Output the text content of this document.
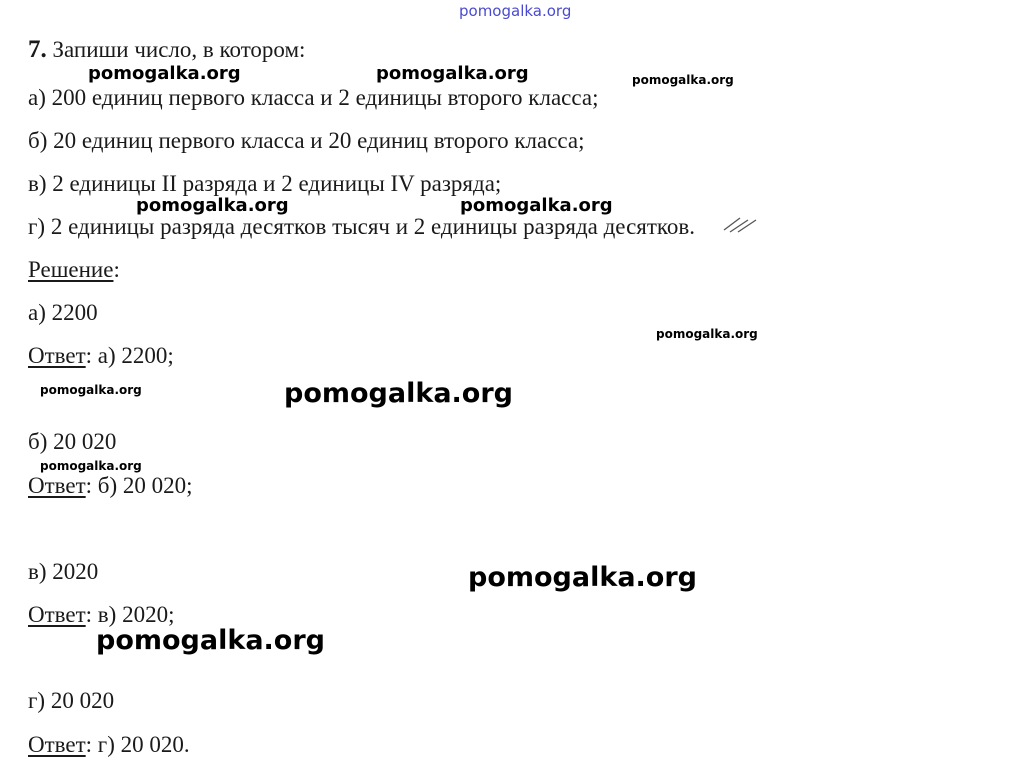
pomogalka.org
pomogalka.org	pomogalka.org	pomogalka.org
pomogalka.org	pomogalka.org
pomogalka.org
pomogalka.org	pomogalka.org
pomogalka.org
pomogalka.org
pomogalka.org
7. Запиши число, в котором:
а) 200 единиц первого класса и 2 единицы второго класса;
б) 20 единиц первого класса и 20 единиц второго класса;
в) 2 единицы II разряда и 2 единицы IV разряда;
г) 2 единицы разряда десятков тысяч и 2 единицы разряда десятков.
Решение:
а) 2200
Ответ: а) 2200;
б) 20 020
Ответ: б) 20 020;
в) 2020
Ответ: в) 2020;
г) 20 020
Ответ: г) 20 020.
